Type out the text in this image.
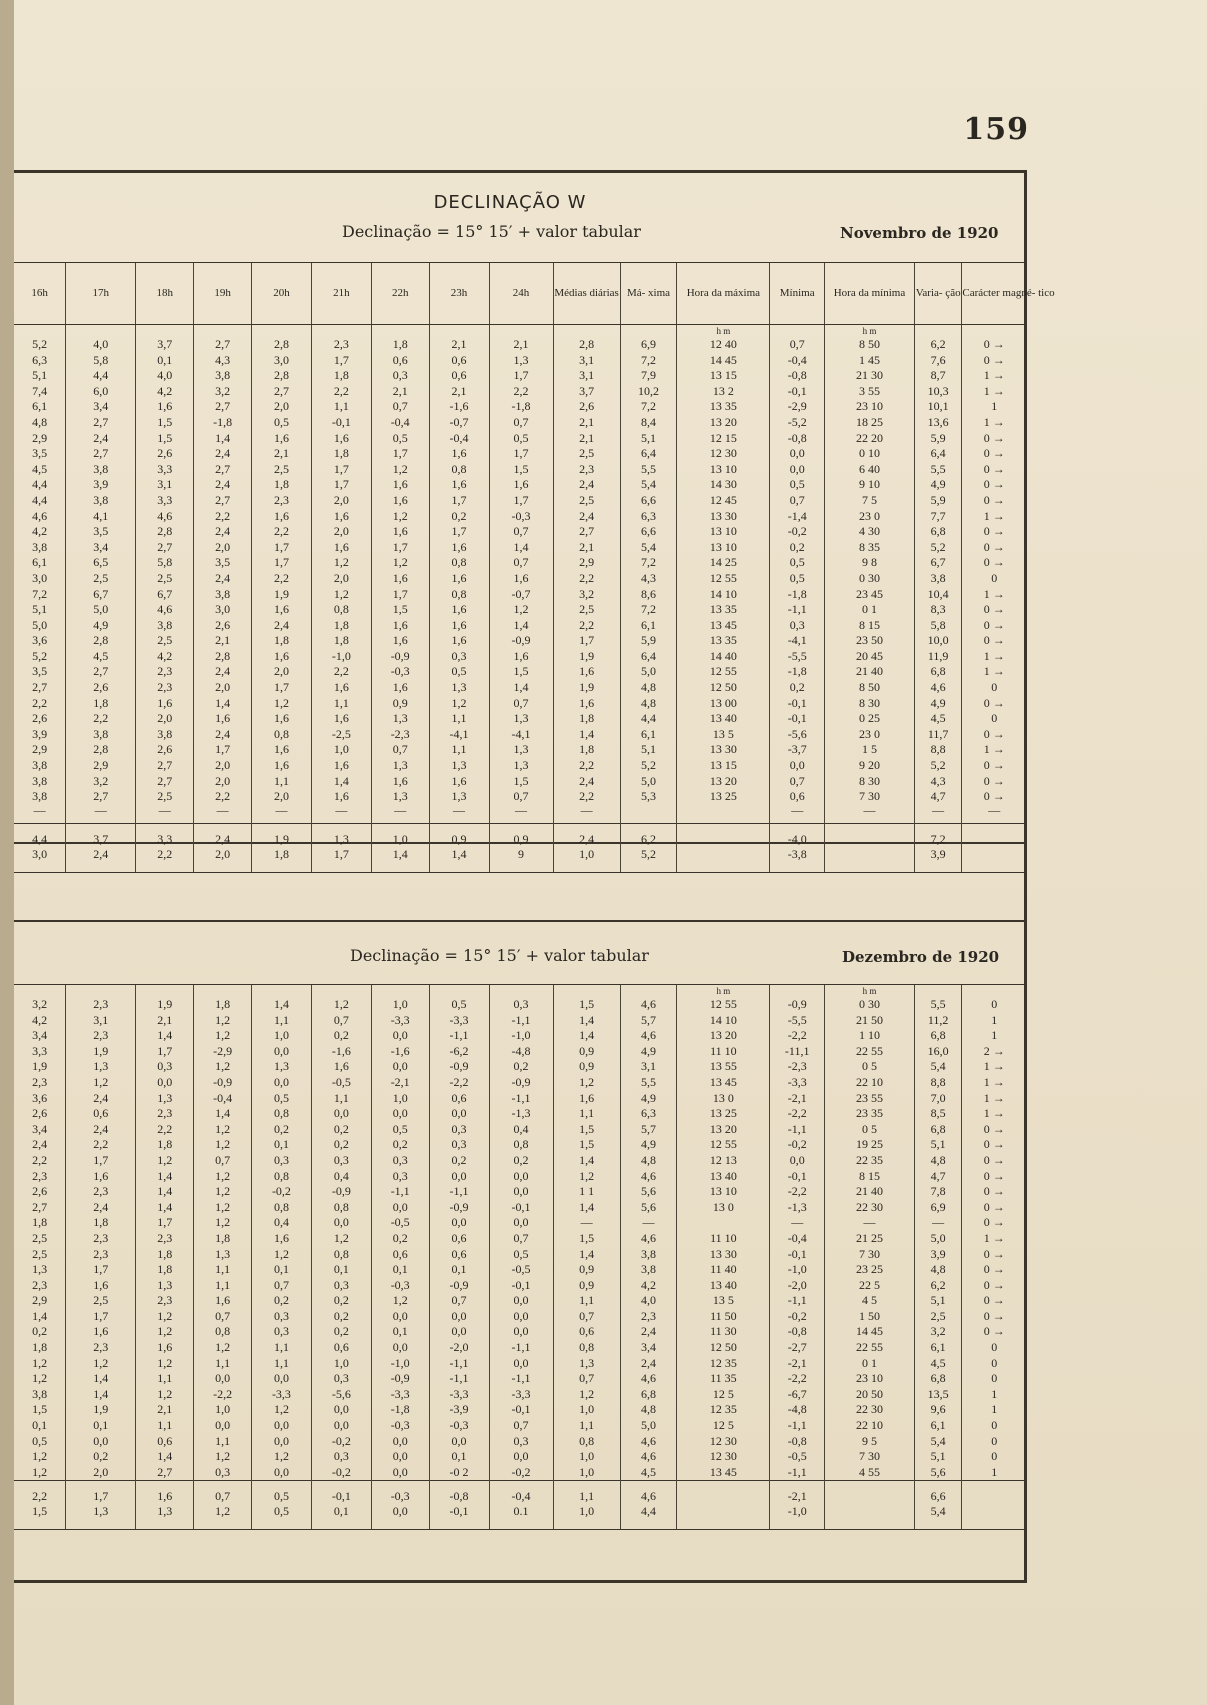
159
DECLINAÇÃO W
Declinação = 15° 15′ + valor tabular	Novembro de 1920
16h	17h	18h	19h	20h	21h	22h	23h	24h	Médias diárias	Má- xima	Hora da máxima	Mínima	Hora da mínima	Varia- ção	Carácter magné- tico
											h m		h m		
5,2	4,0	3,7	2,7	2,8	2,3	1,8	2,1	2,1	2,8	6,9	12 40	0,7	8 50	6,2	0 →
6,3	5,8	0,1	4,3	3,0	1,7	0,6	0,6	1,3	3,1	7,2	14 45	-0,4	1 45	7,6	0 →
5,1	4,4	4,0	3,8	2,8	1,8	0,3	0,6	1,7	3,1	7,9	13 15	-0,8	21 30	8,7	1 →
7,4	6,0	4,2	3,2	2,7	2,2	2,1	2,1	2,2	3,7	10,2	13 2	-0,1	3 55	10,3	1 →
6,1	3,4	1,6	2,7	2,0	1,1	0,7	-1,6	-1,8	2,6	7,2	13 35	-2,9	23 10	10,1	1
4,8	2,7	1,5	-1,8	0,5	-0,1	-0,4	-0,7	0,7	2,1	8,4	13 20	-5,2	18 25	13,6	1 →
2,9	2,4	1,5	1,4	1,6	1,6	0,5	-0,4	0,5	2,1	5,1	12 15	-0,8	22 20	5,9	0 →
3,5	2,7	2,6	2,4	2,1	1,8	1,7	1,6	1,7	2,5	6,4	12 30	0,0	0 10	6,4	0 →
4,5	3,8	3,3	2,7	2,5	1,7	1,2	0,8	1,5	2,3	5,5	13 10	0,0	6 40	5,5	0 →
4,4	3,9	3,1	2,4	1,8	1,7	1,6	1,6	1,6	2,4	5,4	14 30	0,5	9 10	4,9	0 →
4,4	3,8	3,3	2,7	2,3	2,0	1,6	1,7	1,7	2,5	6,6	12 45	0,7	7 5	5,9	0 →
4,6	4,1	4,6	2,2	1,6	1,6	1,2	0,2	-0,3	2,4	6,3	13 30	-1,4	23 0	7,7	1 →
4,2	3,5	2,8	2,4	2,2	2,0	1,6	1,7	0,7	2,7	6,6	13 10	-0,2	4 30	6,8	0 →
3,8	3,4	2,7	2,0	1,7	1,6	1,7	1,6	1,4	2,1	5,4	13 10	0,2	8 35	5,2	0 →
6,1	6,5	5,8	3,5	1,7	1,2	1,2	0,8	0,7	2,9	7,2	14 25	0,5	9 8	6,7	0 →
3,0	2,5	2,5	2,4	2,2	2,0	1,6	1,6	1,6	2,2	4,3	12 55	0,5	0 30	3,8	0
7,2	6,7	6,7	3,8	1,9	1,2	1,7	0,8	-0,7	3,2	8,6	14 10	-1,8	23 45	10,4	1 →
5,1	5,0	4,6	3,0	1,6	0,8	1,5	1,6	1,2	2,5	7,2	13 35	-1,1	0 1	8,3	0 →
5,0	4,9	3,8	2,6	2,4	1,8	1,6	1,6	1,4	2,2	6,1	13 45	0,3	8 15	5,8	0 →
3,6	2,8	2,5	2,1	1,8	1,8	1,6	1,6	-0,9	1,7	5,9	13 35	-4,1	23 50	10,0	0 →
5,2	4,5	4,2	2,8	1,6	-1,0	-0,9	0,3	1,6	1,9	6,4	14 40	-5,5	20 45	11,9	1 →
3,5	2,7	2,3	2,4	2,0	2,2	-0,3	0,5	1,5	1,6	5,0	12 55	-1,8	21 40	6,8	1 →
2,7	2,6	2,3	2,0	1,7	1,6	1,6	1,3	1,4	1,9	4,8	12 50	0,2	8 50	4,6	0
2,2	1,8	1,6	1,4	1,2	1,1	0,9	1,2	0,7	1,6	4,8	13 00	-0,1	8 30	4,9	0 →
2,6	2,2	2,0	1,6	1,6	1,6	1,3	1,1	1,3	1,8	4,4	13 40	-0,1	0 25	4,5	0
3,9	3,8	3,8	2,4	0,8	-2,5	-2,3	-4,1	-4,1	1,4	6,1	13 5	-5,6	23 0	11,7	0 →
2,9	2,8	2,6	1,7	1,6	1,0	0,7	1,1	1,3	1,8	5,1	13 30	-3,7	1 5	8,8	1 →
3,8	2,9	2,7	2,0	1,6	1,6	1,3	1,3	1,3	2,2	5,2	13 15	0,0	9 20	5,2	0 →
3,8	3,2	2,7	2,0	1,1	1,4	1,6	1,6	1,5	2,4	5,0	13 20	0,7	8 30	4,3	0 →
3,8	2,7	2,5	2,2	2,0	1,6	1,3	1,3	0,7	2,2	5,3	13 25	0,6	7 30	4,7	0 →
—	—	—	—	—	—	—	—	—	—			—	—	—	—
4,4	3,7	3,3	2,4	1,9	1,3	1,0	0,9	0,9	2,4	6,2		-4,0		7,2	
3,0	2,4	2,2	2,0	1,8	1,7	1,4	1,4	9	1,0	5,2		-3,8		3,9	
Declinação = 15° 15′ + valor tabular	Dezembro de 1920
											h m		h m		
3,2	2,3	1,9	1,8	1,4	1,2	1,0	0,5	0,3	1,5	4,6	12 55	-0,9	0 30	5,5	0
4,2	3,1	2,1	1,2	1,1	0,7	-3,3	-3,3	-1,1	1,4	5,7	14 10	-5,5	21 50	11,2	1
3,4	2,3	1,4	1,2	1,0	0,2	0,0	-1,1	-1,0	1,4	4,6	13 20	-2,2	1 10	6,8	1
3,3	1,9	1,7	-2,9	0,0	-1,6	-1,6	-6,2	-4,8	0,9	4,9	11 10	-11,1	22 55	16,0	2 →
1,9	1,3	0,3	1,2	1,3	1,6	0,0	-0,9	0,2	0,9	3,1	13 55	-2,3	0 5	5,4	1 →
2,3	1,2	0,0	-0,9	0,0	-0,5	-2,1	-2,2	-0,9	1,2	5,5	13 45	-3,3	22 10	8,8	1 →
3,6	2,4	1,3	-0,4	0,5	1,1	1,0	0,6	-1,1	1,6	4,9	13 0	-2,1	23 55	7,0	1 →
2,6	0,6	2,3	1,4	0,8	0,0	0,0	0,0	-1,3	1,1	6,3	13 25	-2,2	23 35	8,5	1 →
3,4	2,4	2,2	1,2	0,2	0,2	0,5	0,3	0,4	1,5	5,7	13 20	-1,1	0 5	6,8	0 →
2,4	2,2	1,8	1,2	0,1	0,2	0,2	0,3	0,8	1,5	4,9	12 55	-0,2	19 25	5,1	0 →
2,2	1,7	1,2	0,7	0,3	0,3	0,3	0,2	0,2	1,4	4,8	12 13	0,0	22 35	4,8	0 →
2,3	1,6	1,4	1,2	0,8	0,4	0,3	0,0	0,0	1,2	4,6	13 40	-0,1	8 15	4,7	0 →
2,6	2,3	1,4	1,2	-0,2	-0,9	-1,1	-1,1	0,0	1 1	5,6	13 10	-2,2	21 40	7,8	0 →
2,7	2,4	1,4	1,2	0,8	0,8	0,0	-0,9	-0,1	1,4	5,6	13 0	-1,3	22 30	6,9	0 →
1,8	1,8	1,7	1,2	0,4	0,0	-0,5	0,0	0,0	—	—		—	—	—	0 →
2,5	2,3	2,3	1,8	1,6	1,2	0,2	0,6	0,7	1,5	4,6	11 10	-0,4	21 25	5,0	1 →
2,5	2,3	1,8	1,3	1,2	0,8	0,6	0,6	0,5	1,4	3,8	13 30	-0,1	7 30	3,9	0 →
1,3	1,7	1,8	1,1	0,1	0,1	0,1	0,1	-0,5	0,9	3,8	11 40	-1,0	23 25	4,8	0 →
2,3	1,6	1,3	1,1	0,7	0,3	-0,3	-0,9	-0,1	0,9	4,2	13 40	-2,0	22 5	6,2	0 →
2,9	2,5	2,3	1,6	0,2	0,2	1,2	0,7	0,0	1,1	4,0	13 5	-1,1	4 5	5,1	0 →
1,4	1,7	1,2	0,7	0,3	0,2	0,0	0,0	0,0	0,7	2,3	11 50	-0,2	1 50	2,5	0 →
0,2	1,6	1,2	0,8	0,3	0,2	0,1	0,0	0,0	0,6	2,4	11 30	-0,8	14 45	3,2	0 →
1,8	2,3	1,6	1,2	1,1	0,6	0,0	-2,0	-1,1	0,8	3,4	12 50	-2,7	22 55	6,1	0
1,2	1,2	1,2	1,1	1,1	1,0	-1,0	-1,1	0,0	1,3	2,4	12 35	-2,1	0 1	4,5	0
1,2	1,4	1,1	0,0	0,0	0,3	-0,9	-1,1	-1,1	0,7	4,6	11 35	-2,2	23 10	6,8	0
3,8	1,4	1,2	-2,2	-3,3	-5,6	-3,3	-3,3	-3,3	1,2	6,8	12 5	-6,7	20 50	13,5	1
1,5	1,9	2,1	1,0	1,2	0,0	-1,8	-3,9	-0,1	1,0	4,8	12 35	-4,8	22 30	9,6	1
0,1	0,1	1,1	0,0	0,0	0,0	-0,3	-0,3	0,7	1,1	5,0	12 5	-1,1	22 10	6,1	0
0,5	0,0	0,6	1,1	0,0	-0,2	0,0	0,0	0,3	0,8	4,6	12 30	-0,8	9 5	5,4	0
1,2	0,2	1,4	1,2	1,2	0,3	0,0	0,1	0,0	1,0	4,6	12 30	-0,5	7 30	5,1	0
1,2	2,0	2,7	0,3	0,0	-0,2	0,0	-0 2	-0,2	1,0	4,5	13 45	-1,1	4 55	5,6	1
2,2	1,7	1,6	0,7	0,5	-0,1	-0,3	-0,8	-0,4	1,1	4,6		-2,1		6,6	
1,5	1,3	1,3	1,2	0,5	0,1	0,0	-0,1	0.1	1,0	4,4		-1,0		5,4	
